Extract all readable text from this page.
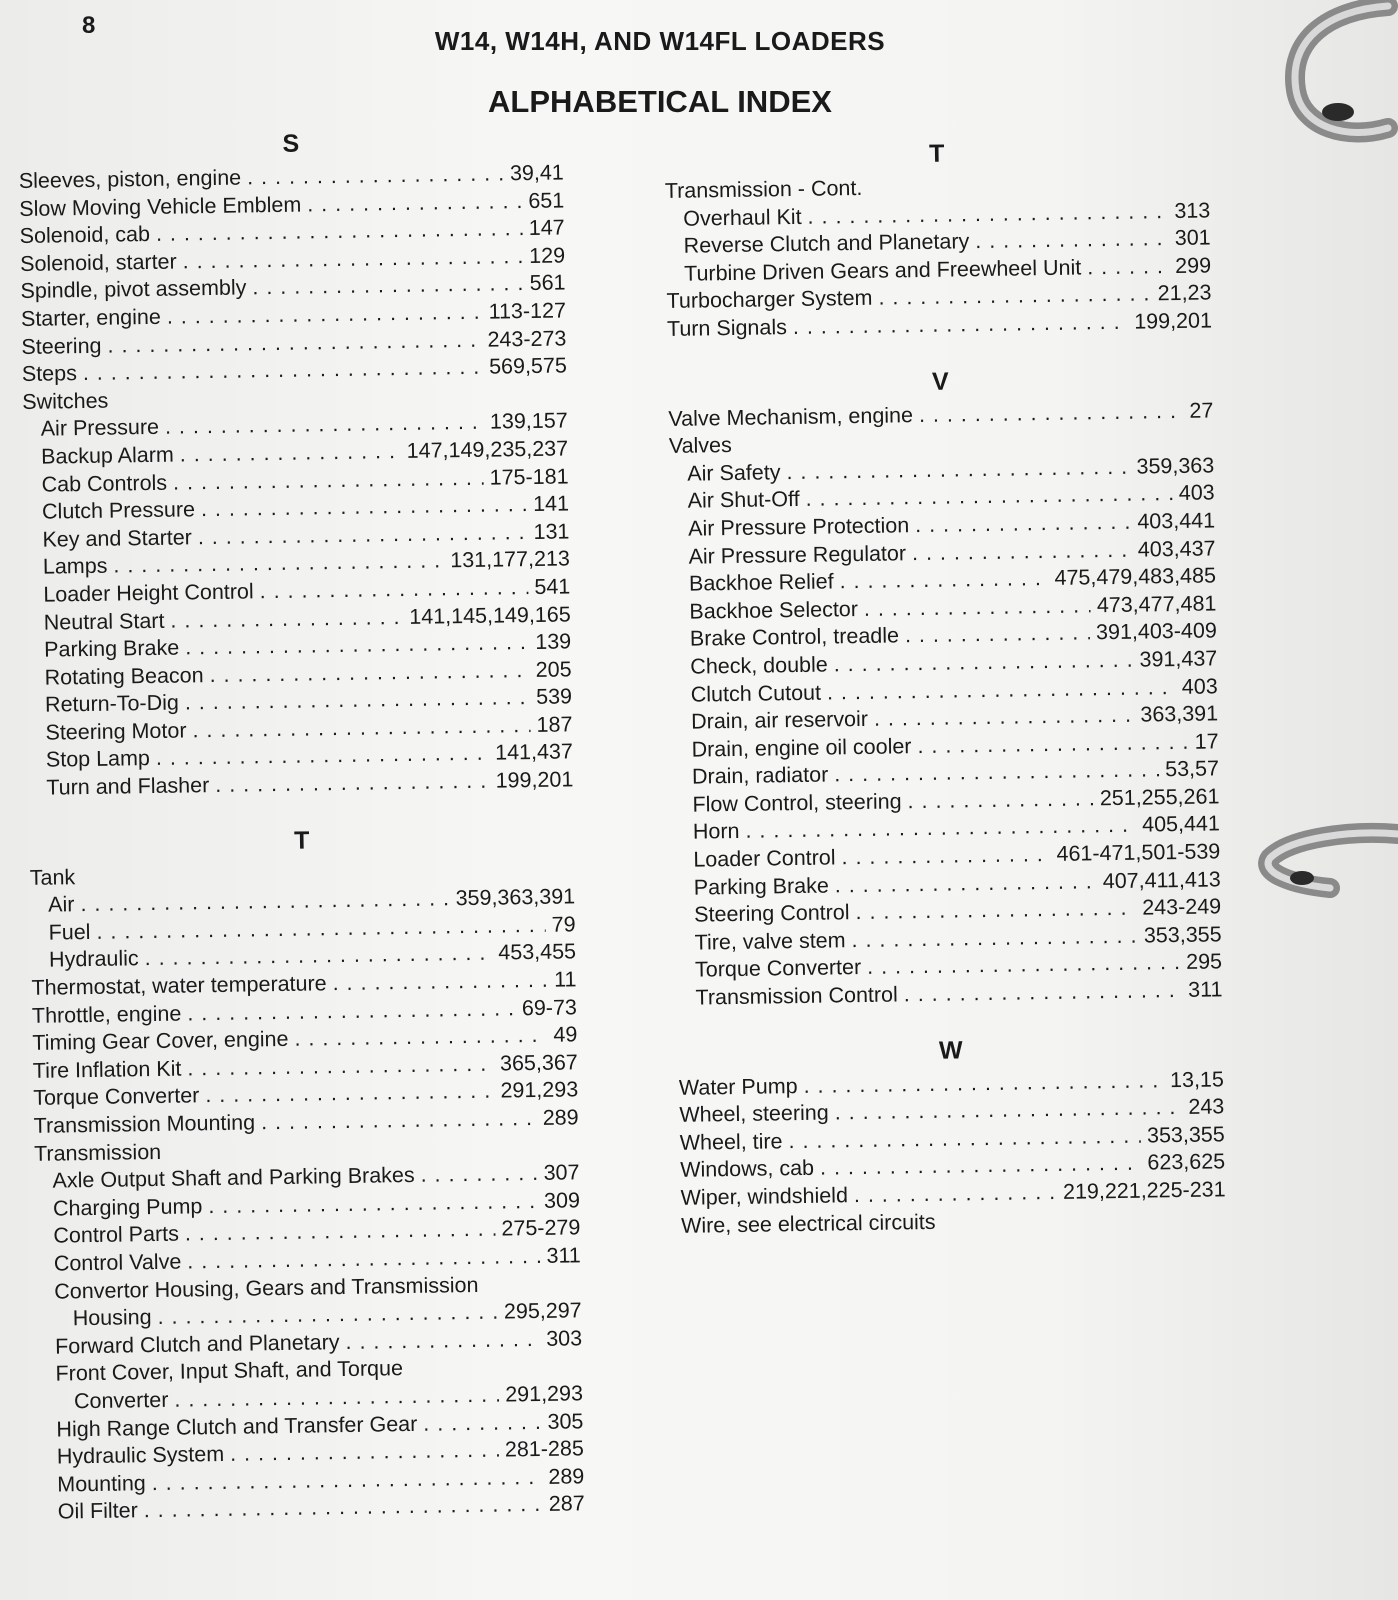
8
W14, W14H, AND W14FL LOADERS
ALPHABETICAL INDEX
S
Sleeves, piston, engine . . .	39,41
Slow Moving Vehicle Emblem . . .	651
Solenoid, cab . . .	147
Solenoid, starter . . .	129
Spindle, pivot assembly . . .	561
Starter, engine . . .	113-127
Steering . . .	243-273
Steps . . .	569,575
Switches
Air Pressure . . .	139,157
Backup Alarm . . .	147,149,235,237
Cab Controls . . .	175-181
Clutch Pressure . . .	141
Key and Starter . . .	131
Lamps . . .	131,177,213
Loader Height Control . . .	541
Neutral Start . . .	141,145,149,165
Parking Brake . . .	139
Rotating Beacon . . .	205
Return-To-Dig . . .	539
Steering Motor . . .	187
Stop Lamp . . .	141,437
Turn and Flasher . . .	199,201
T
Tank
Air . . .	359,363,391
Fuel . . .	79
Hydraulic . . .	453,455
Thermostat, water temperature . . .	11
Throttle, engine . . .	69-73
Timing Gear Cover, engine . . .	49
Tire Inflation Kit . . .	365,367
Torque Converter . . .	291,293
Transmission Mounting . . .	289
Transmission
Axle Output Shaft and Parking Brakes . . .	307
Charging Pump . . .	309
Control Parts . . .	275-279
Control Valve . . .	311
Convertor Housing, Gears and Transmission
Housing . . .	295,297
Forward Clutch and Planetary . . .	303
Front Cover, Input Shaft, and Torque
Converter . . .	291,293
High Range Clutch and Transfer Gear . . .	305
Hydraulic System . . .	281-285
Mounting . . .	289
Oil Filter . . .	287
T
Transmission - Cont.
Overhaul Kit . . .	313
Reverse Clutch and Planetary . . .	301
Turbine Driven Gears and Freewheel Unit . . .	299
Turbocharger System . . .	21,23
Turn Signals . . .	199,201
V
Valve Mechanism, engine . . .	27
Valves
Air Safety . . .	359,363
Air Shut-Off . . .	403
Air Pressure Protection . . .	403,441
Air Pressure Regulator . . .	403,437
Backhoe Relief . . .	475,479,483,485
Backhoe Selector . . .	473,477,481
Brake Control, treadle . . .	391,403-409
Check, double . . .	391,437
Clutch Cutout . . .	403
Drain, air reservoir . . .	363,391
Drain, engine oil cooler . . .	17
Drain, radiator . . .	53,57
Flow Control, steering . . .	251,255,261
Horn . . .	405,441
Loader Control . . .	461-471,501-539
Parking Brake . . .	407,411,413
Steering Control . . .	243-249
Tire, valve stem . . .	353,355
Torque Converter . . .	295
Transmission Control . . .	311
W
Water Pump . . .	13,15
Wheel, steering . . .	243
Wheel, tire . . .	353,355
Windows, cab . . .	623,625
Wiper, windshield . . .	219,221,225-231
Wire, see electrical circuits
